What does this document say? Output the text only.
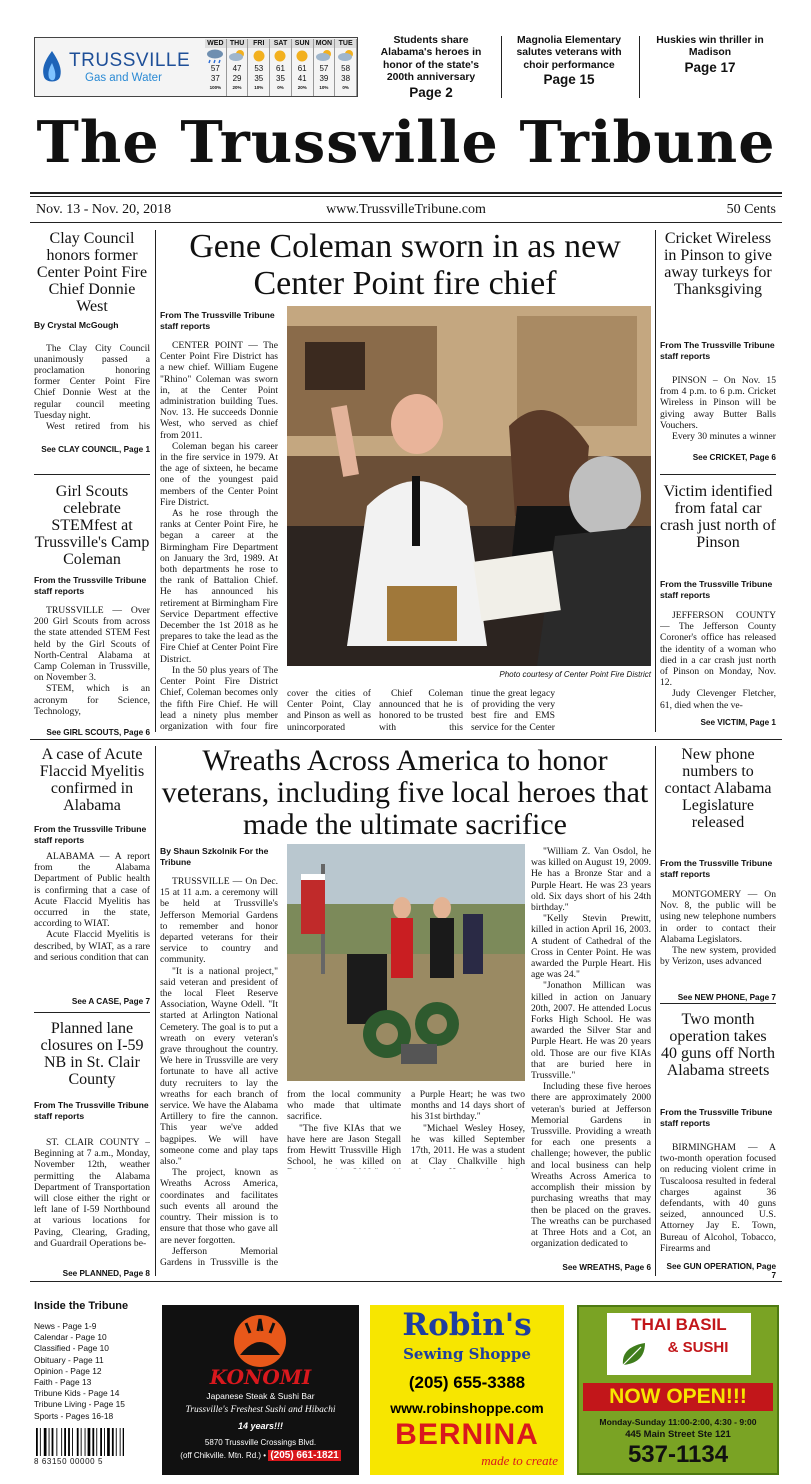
TRUSSVILLE
Gas and Water
WED
57
37
100%
THU
47
29
20%
FRI
53
35
10%
SAT
61
35
0%
SUN
61
41
20%
MON
57
39
10%
TUE
58
38
0%
Students share Alabama's heroes in honor of the state's 200th anniversary
Page 2
Magnolia Elementary salutes veterans with choir performance
Page 15
Huskies win thriller in Madison
Page 17
The Trussville Tribune
Nov. 13 - Nov. 20, 2018	www.TrussvilleTribune.com	50 Cents
Clay Council honors former Center Point Fire Chief Donnie West
By Crystal McGough

The Clay City Council unanimously passed a proclamation honoring former Center Point Fire Chief Donnie West at the regular council meeting Tuesday night.

West retired from his

See CLAY COUNCIL, Page 1
Girl Scouts celebrate STEMfest at Trussville's Camp Coleman
From the Trussville Tribune staff reports

TRUSSVILLE — Over 200 Girl Scouts from across the state attended STEM Fest held by the Girl Scouts of North-Central Alabama at Camp Coleman in Trussville, on November 3.

STEM, which is an acronym for Science, Technology,

See GIRL SCOUTS, Page 6
Gene Coleman sworn in as new Center Point fire chief
From The Trussville Tribune staff reports

CENTER POINT — The Center Point Fire District has a new chief. William Eugene "Rhino" Coleman was sworn in, at the Center Point administration building Tues. Nov. 13. He succeeds Donnie West, who served as chief from 2011.

Coleman began his career in the fire service in 1979. At the age of sixteen, he became one of the youngest paid members of the Center Point Fire District.

As he rose through the ranks at Center Point Fire, he began a career at the Birmingham Fire Department on January the 3rd, 1989. At both departments he rose to the rank of Battalion Chief. He has announced his retirement at Birmingham Fire Service Department effective December the 1st 2018 as he prepares to take the lead as the Fire Chief at Center Point Fire District.

In the 50 plus years of The Center Point Fire District Chief, Coleman becomes only the fifth Fire Chief. He will lead a ninety plus member organization with four fire

Photo courtesy of Center Point Fire District

cover the cities of Center Point, Clay and Pinson as well as unincorporated

Chief Coleman announced that he is honored to be trusted with this

tinue the great legacy of providing the very best fire and EMS service for the Center

Cricket Wireless in Pinson to give away turkeys for Thanksgiving
From The Trussville Tribune staff reports

PINSON – On Nov. 15 from 4 p.m. to 6 p.m. Cricket Wireless in Pinson will be giving away Butter Balls Vouchers.

Every 30 minutes a winner

See CRICKET, Page 6
Victim identified from fatal car crash just north of Pinson
From the Trussville Tribune staff reports

JEFFERSON COUNTY — The Jefferson County Coroner's office has released the identity of a woman who died in a car crash just north of Pinson on Monday, Nov. 12.

Judy Clevenger Fletcher, 61, died when the ve-

See VICTIM, Page 1
A case of Acute Flaccid Myelitis confirmed in Alabama
From the Trussville Tribune staff reports

ALABAMA — A report from the Alabama Department of Public health is confirming that a case of Acute Flaccid Myelitis has occurred in the state, according to WIAT.

Acute Flaccid Myelitis is described, by WIAT, as a rare and serious condition that can

See A CASE, Page 7
Planned lane closures on I-59 NB in St. Clair County
From The Trussville Tribune staff reports

ST. CLAIR COUNTY – Beginning at 7 a.m., Monday, November 12th, weather permitting the Alabama Department of Transportation will close either the right or left lane of I-59 Northbound at various locations for Paving, Clearing, Grading, and Guardrail Operations be-

See PLANNED, Page 8
Wreaths Across America to honor veterans, including five local heroes that made the ultimate sacrifice
By Shaun Szkolnik For the Tribune

TRUSSVILLE — On Dec. 15 at 11 a.m. a ceremony will be held at Trussville's Jefferson Memorial Gardens to remember and honor departed veterans for their service to country and community.

"It is a national project," said veteran and president of the local Fleet Reserve Association, Wayne Odell. "It started at Arlington National Cemetery. The goal is to put a wreath on every veteran's grave throughout the country. We here in Trussville are very fortunate to have all active duty recruiters to lay the wreaths for each branch of service. We have the Alabama Artillery to fire the cannon. This year we've added bagpipes. We will have someone come and play taps also."

The project, known as Wreaths Across America, coordinates and facilitates such events all around the country. Their mission is to ensure that those who gave all are never forgotten.

Jefferson Memorial Gardens in Trussville is the

from the local community who made that ultimate sacrifice.

"The five KIAs that we have here are Jason Stegall from Hewitt Trussville High School, he was killed on

a Purple Heart; he was two months and 14 days short of his 31st birthday."

"Michael Wesley Hosey, he was killed September 17th, 2011. He was a student at Clay Chalkville high

"William Z. Van Osdol, he was killed on August 19, 2009. He has a Bronze Star and a Purple Heart. He was 23 years old. Six days short of his 24th birthday."

"Kelly Stevin Prewitt, killed in action April 16, 2003. A student of Cathedral of the Cross in Center Point. He was awarded the Purple Heart. His age was 24."

"Jonathon Millican was killed in action on January 20th, 2007. He attended Locus Forks High School. He was awarded the Silver Star and Purple Heart. He was 20 years old. Those are our five KIAs that are buried here in Trussville."

Including these five heroes there are approximately 2000 veteran's buried at Jefferson Memorial Gardens in Trussville. Providing a wreath for each one presents a challenge; however, the public and local business can help Wreaths Across America to accomplish their mission by purchasing wreaths that may then be placed on the graves. The wreaths can be purchased at Three Hots and a Cot, an organization dedicated to

See WREATHS, Page 6
New phone numbers to contact Alabama Legislature released
From the Trussville Tribune staff reports

MONTGOMERY — On Nov. 8, the public will be using new telephone numbers in order to contact their Alabama Legislators.

The new system, provided by Verizon, uses advanced

See NEW PHONE, Page 7
Two month operation takes 40 guns off North Alabama streets
From the Trussville Tribune staff reports

BIRMINGHAM — A two-month operation focused on reducing violent crime in Tuscaloosa resulted in federal charges against 36 defendants, with 40 guns seized, announced U.S. Attorney Jay E. Town, Bureau of Alcohol, Tobacco, Firearms and

See GUN OPERATION, Page 7
Inside the Tribune
News - Page 1-9
Calendar - Page 10
Classified - Page 10
Obituary - Page 11
Opinion - Page 12
Faith - Page 13
Tribune Kids - Page 14
Tribune Living - Page 15
Sports - Pages 16-18
8 63150 00000 5
KONOMI
Japanese Steak & Sushi Bar
Trussville's Freshest Sushi and Hibachi
14 years!!!
5870 Trussville Crossings Blvd.
(off Chikville. Mtn. Rd.) • (205) 661-1821
Robin's
Sewing Shoppe
(205) 655-3388
www.robinshoppe.com
BERNINA
made to create
THAI BASIL
& SUSHI
NOW OPEN!!!
Monday-Sunday 11:00-2:00, 4:30 - 9:00
445 Main Street Ste 121
537-1134
